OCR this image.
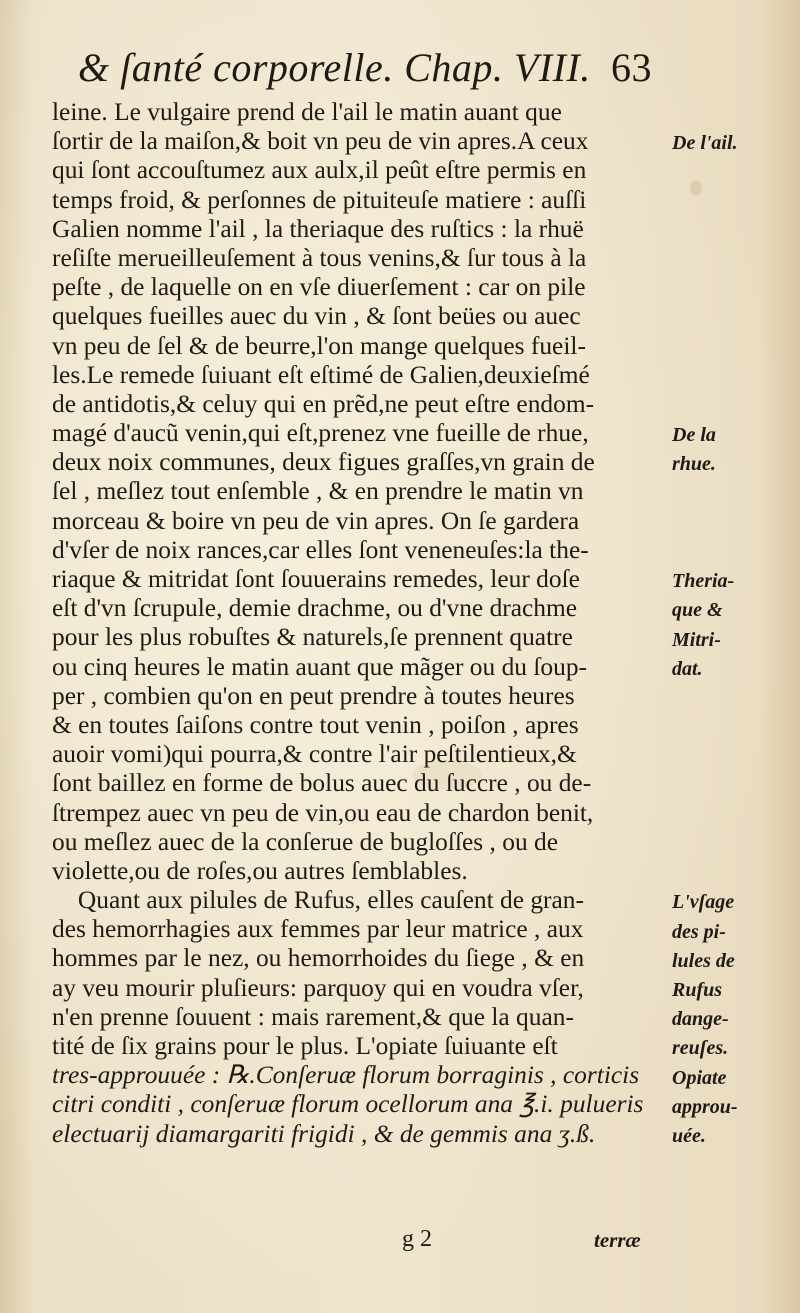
& ſanté corporelle. Chap. VIII. 63
leine. Le vulgaire prend de l'ail le matin auant que
ſortir de la maiſon,& boit vn peu de vin apres.A ceux
qui ſont accouſtumez aux aulx,il peût eſtre permis en
temps froid, & perſonnes de pituiteuſe matiere : auſſi
Galien nomme l'ail , la theriaque des ruſtics : la rhuë
reſiſte merueilleuſement à tous venins,& ſur tous à la
peſte , de laquelle on en vſe diuerſement : car on pile
quelques fueilles auec du vin , & ſont beües ou auec
vn peu de ſel & de beurre,l'on mange quelques fueil-
les.Le remede ſuiuant eſt eſtimé de Galien,deuxieſmé
de antidotis,& celuy qui en prẽd,ne peut eſtre endom-
magé d'aucũ venin,qui eſt,prenez vne fueille de rhue,
deux noix communes, deux figues graſſes,vn grain de
ſel , meſlez tout enſemble , & en prendre le matin vn
morceau & boire vn peu de vin apres. On ſe gardera
d'vſer de noix rances,car elles ſont veneneuſes:la the-
riaque & mitridat ſont ſouuerains remedes, leur doſe
eſt d'vn ſcrupule, demie drachme, ou d'vne drachme
pour les plus robuſtes & naturels,ſe prennent quatre
ou cinq heures le matin auant que mãger ou du ſoup-
per , combien qu'on en peut prendre à toutes heures
& en toutes ſaiſons contre tout venin , poiſon , apres
auoir vomi)qui pourra,& contre l'air peſtilentieux,&
ſont baillez en forme de bolus auec du ſuccre , ou de-
ſtrempez auec vn peu de vin,ou eau de chardon benit,
ou meſlez auec de la conſerue de bugloſſes , ou de
violette,ou de roſes,ou autres ſemblables.
Quant aux pilules de Rufus, elles cauſent de gran-
des hemorrhagies aux femmes par leur matrice , aux
hommes par le nez, ou hemorrhoides du ſiege , & en
ay veu mourir pluſieurs: parquoy qui en voudra vſer,
n'en prenne ſouuent : mais rarement,& que la quan-
tité de ſix grains pour le plus. L'opiate ſuiuante eſt
tres-approuuée : ℞.Conſeruæ florum borraginis , corticis
citri conditi , conſeruæ florum ocellorum ana ℥.i. pulueris
electuarij diamargariti frigidi , & de gemmis ana ʒ.ß.
De l'ail.
De la
rhue.
Theria-
que &
Mitri-
dat.
L'vſage
des pi-
lules de
Rufus
dange-
reuſes.
Opiate
approu-
uée.
g 2	terræ
